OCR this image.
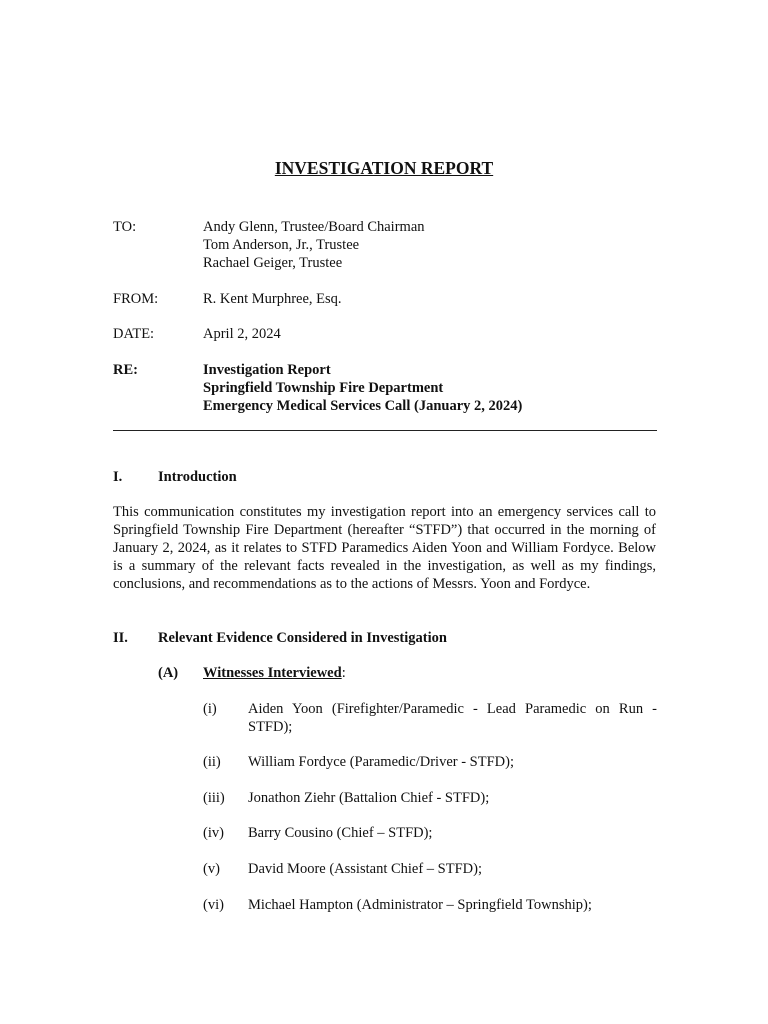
INVESTIGATION REPORT
TO:	Andy Glenn, Trustee/Board Chairman
Tom Anderson, Jr., Trustee
Rachael Geiger, Trustee
FROM:	R. Kent Murphree, Esq.
DATE:	April 2, 2024
RE:	Investigation Report
Springfield Township Fire Department
Emergency Medical Services Call (January 2, 2024)
I. Introduction

This communication constitutes my investigation report into an emergency services call to Springfield Township Fire Department (hereafter “STFD”) that occurred in the morning of January 2, 2024, as it relates to STFD Paramedics Aiden Yoon and William Fordyce. Below is a summary of the relevant facts revealed in the investigation, as well as my findings, conclusions, and recommendations as to the actions of Messrs. Yoon and Fordyce.

II. Relevant Evidence Considered in Investigation
(A) Witnesses Interviewed:
(i) Aiden Yoon (Firefighter/Paramedic - Lead Paramedic on Run - STFD);
(ii) William Fordyce (Paramedic/Driver - STFD);
(iii) Jonathon Ziehr (Battalion Chief - STFD);
(iv) Barry Cousino (Chief – STFD);
(v) David Moore (Assistant Chief – STFD);
(vi) Michael Hampton (Administrator – Springfield Township);
